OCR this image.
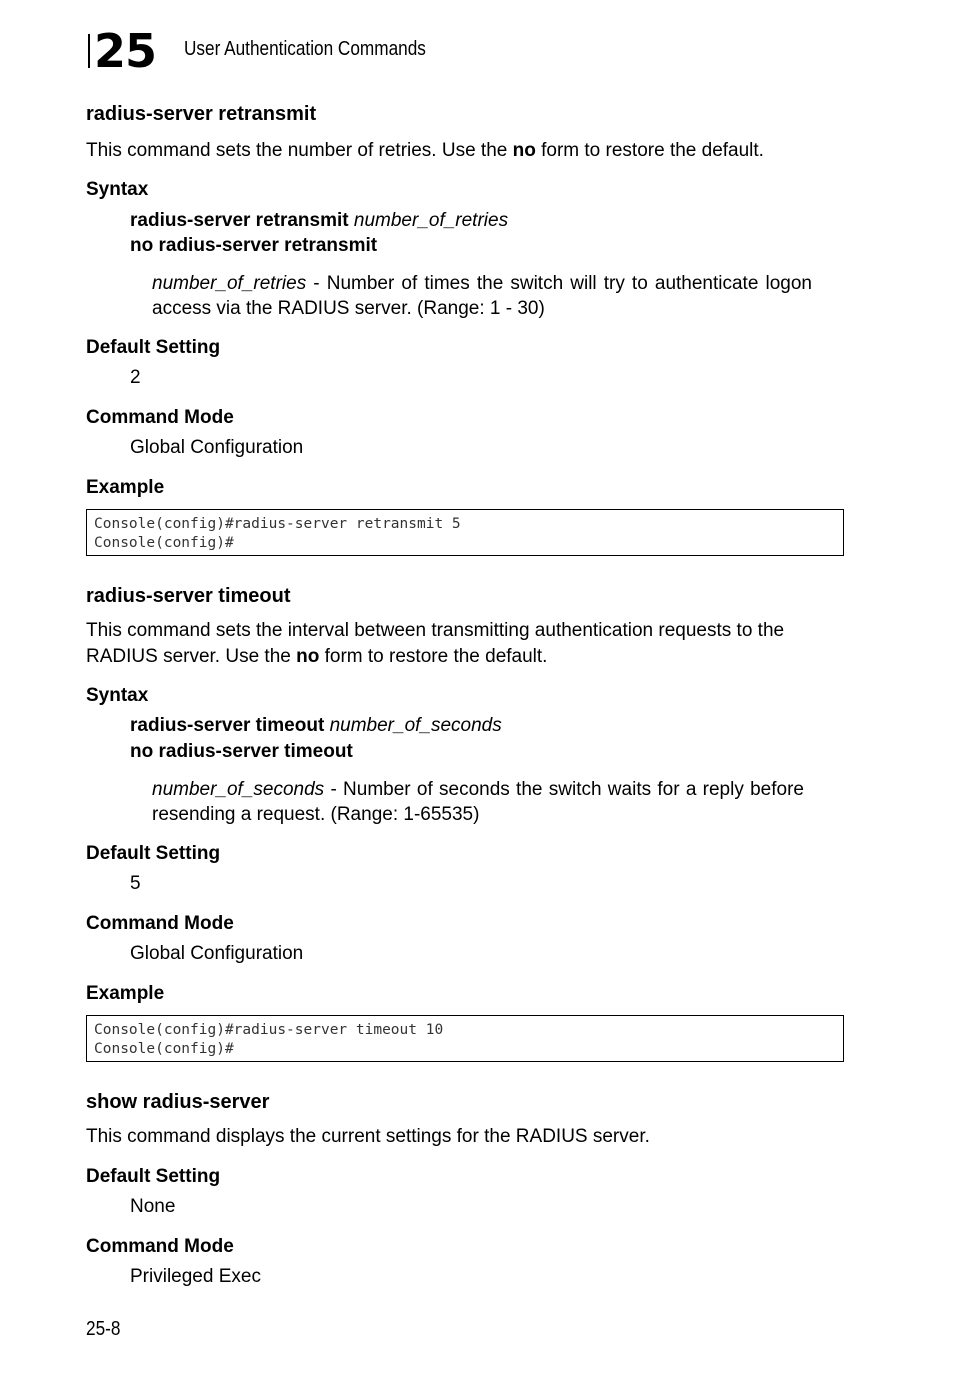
25 User Authentication Commands
radius-server retransmit

This command sets the number of retries. Use the no form to restore the default.

Syntax
radius-server retransmit number_of_retries
no radius-server retransmit
number_of_retries - Number of times the switch will try to authenticate logon access via the RADIUS server. (Range: 1 - 30)
Default Setting
2
Command Mode
Global Configuration
Example
Console(config)#radius-server retransmit 5
Console(config)#
radius-server timeout

This command sets the interval between transmitting authentication requests to the RADIUS server. Use the no form to restore the default.

Syntax
radius-server timeout number_of_seconds
no radius-server timeout
number_of_seconds - Number of seconds the switch waits for a reply before resending a request. (Range: 1-65535)
Default Setting
5
Command Mode
Global Configuration
Example
Console(config)#radius-server timeout 10
Console(config)#
show radius-server

This command displays the current settings for the RADIUS server.

Default Setting
None
Command Mode
Privileged Exec
25-8
